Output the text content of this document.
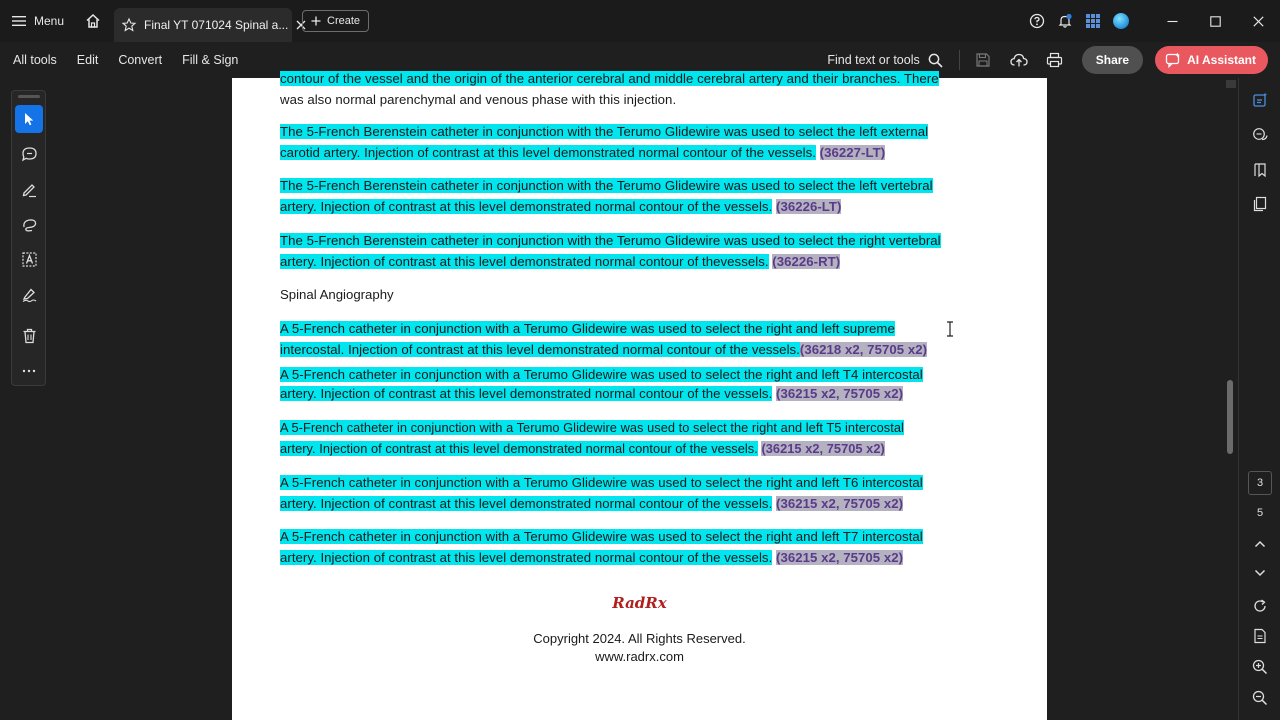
Menu	Final YT 071024 Spinal a...	Create
All tools	Edit	Convert	Fill & Sign	Find text or tools	Share	AI Assistant
contour of the vessel and the origin of the anterior cerebral and middle cerebral artery and their branches. There
was also normal parenchymal and venous phase with this injection.
The 5-French Berenstein catheter in conjunction with the Terumo Glidewire was used to select the left external
carotid artery. Injection of contrast at this level demonstrated normal contour of the vessels. (36227-LT)
The 5-French Berenstein catheter in conjunction with the Terumo Glidewire was used to select the left vertebral
artery. Injection of contrast at this level demonstrated normal contour of the vessels. (36226-LT)
The 5-French Berenstein catheter in conjunction with the Terumo Glidewire was used to select the right vertebral
artery. Injection of contrast at this level demonstrated normal contour of thevessels. (36226-RT)
Spinal Angiography
A 5-French catheter in conjunction with a Terumo Glidewire was used to select the right and left supreme
intercostal. Injection of contrast at this level demonstrated normal contour of the vessels.(36218 x2, 75705 x2)
A 5-French catheter in conjunction with a Terumo Glidewire was used to select the right and left T4 intercostal
artery. Injection of contrast at this level demonstrated normal contour of the vessels. (36215 x2, 75705 x2)
A 5-French catheter in conjunction with a Terumo Glidewire was used to select the right and left T5 intercostal
artery. Injection of contrast at this level demonstrated normal contour of the vessels. (36215 x2, 75705 x2)
A 5-French catheter in conjunction with a Terumo Glidewire was used to select the right and left T6 intercostal
artery. Injection of contrast at this level demonstrated normal contour of the vessels. (36215 x2, 75705 x2)
A 5-French catheter in conjunction with a Terumo Glidewire was used to select the right and left T7 intercostal
artery. Injection of contrast at this level demonstrated normal contour of the vessels. (36215 x2, 75705 x2)
RadRx
Copyright 2024. All Rights Reserved.
www.radrx.com
3
5
